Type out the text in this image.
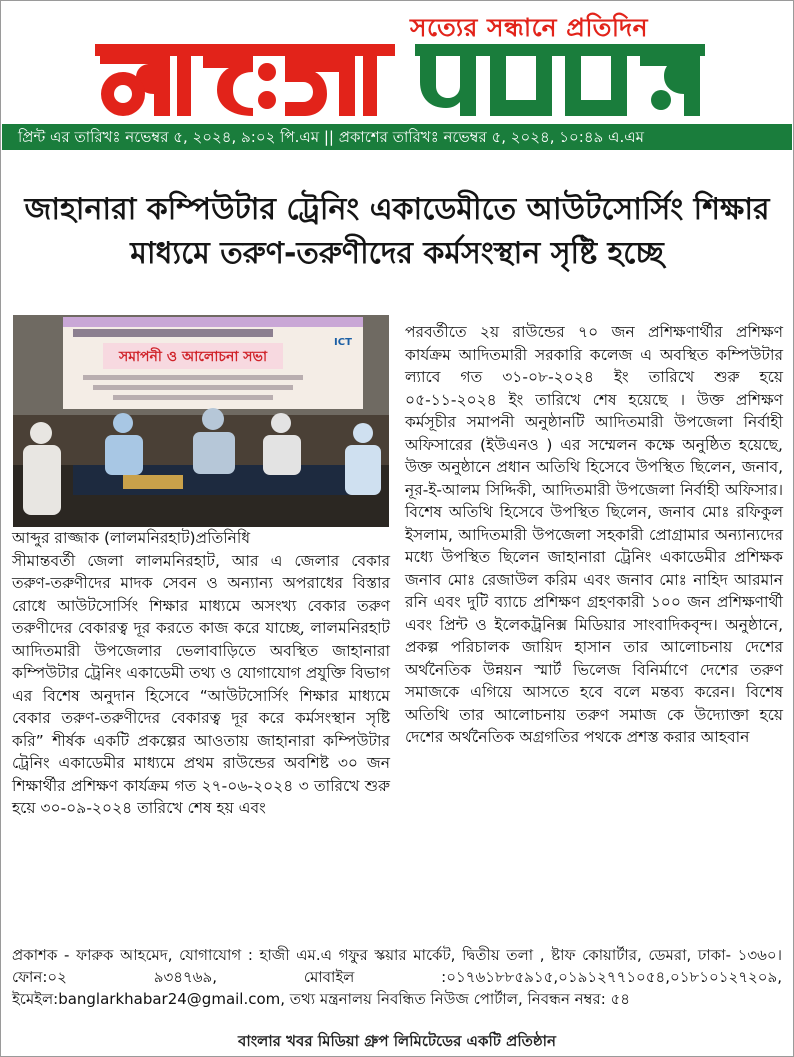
সত্যের সন্ধানে প্রতিদিন
প্রিন্ট এর তারিখঃ নভেম্বর ৫, ২০২৪, ৯:০২ পি.এম || প্রকাশের তারিখঃ নভেম্বর ৫, ২০২৪, ১০:৪৯ এ.এম
জাহানারা কম্পিউটার ট্রেনিং একাডেমীতে আউটসোর্সিং শিক্ষার মাধ্যমে তরুণ-তরুণীদের কর্মসংস্থান সৃষ্টি হচ্ছে
সমাপনী ও আলোচনা সভা
ICT

আব্দুর রাজ্জাক (লালমনিরহাট)প্রতিনিধি

সীমান্তবর্তী জেলা লালমনিরহাট, আর এ জেলার বেকার তরুণ-তরুণীদের মাদক সেবন ও অন্যান্য অপরাধের বিস্তার রোধে আউটসোর্সিং শিক্ষার মাধ্যমে অসংখ্য বেকার তরুণ তরুণীদের বেকারত্ব দূর করতে কাজ করে যাচ্ছে, লালমনিরহাট আদিতমারী উপজেলার ভেলাবাড়িতে অবস্থিত জাহানারা কম্পিউটার ট্রেনিং একাডেমী তথ্য ও যোগাযোগ প্রযুক্তি বিভাগ এর বিশেষ অনুদান হিসেবে “আউটসোর্সিং শিক্ষার মাধ্যমে বেকার তরুণ-তরুণীদের বেকারত্ব দূর করে কর্মসংস্থান সৃষ্টি করি” শীর্ষক একটি প্রকল্পের আওতায় জাহানারা কম্পিউটার ট্রেনিং একাডেমীর মাধ্যমে প্রথম রাউন্ডের অবশিষ্ট ৩০ জন শিক্ষার্থীর প্রশিক্ষণ কার্যক্রম গত ২৭-০৬-২০২৪ ৩ তারিখে শুরু হয়ে ৩০-০৯-২০২৪ তারিখে শেষ হয় এবং

পরবর্তীতে ২য় রাউন্ডের ৭০ জন প্রশিক্ষণার্থীর প্রশিক্ষণ কার্যক্রম আদিতমারী সরকারি কলেজ এ অবস্থিত কম্পিউটার ল্যাবে গত ৩১-০৮-২০২৪ ইং তারিখে শুরু হয়ে ০৫-১১-২০২৪ ইং তারিখে শেষ হয়েছে । উক্ত প্রশিক্ষণ কর্মসূচীর সমাপনী অনুষ্ঠানটি আদিতমারী উপজেলা নির্বাহী অফিসারের (ইউএনও ) এর সম্মেলন কক্ষে অনুষ্ঠিত হয়েছে, উক্ত অনুষ্ঠানে প্রধান অতিথি হিসেবে উপস্থিত ছিলেন, জনাব, নূর-ই-আলম সিদ্দিকী, আদিতমারী উপজেলা নির্বাহী অফিসার। বিশেষ অতিথি হিসেবে উপস্থিত ছিলেন, জনাব মোঃ রফিকুল ইসলাম, আদিতমারী উপজেলা সহকারী প্রোগ্রামার অন্যান্যদের মধ্যে উপস্থিত ছিলেন জাহানারা ট্রেনিং একাডেমীর প্রশিক্ষক জনাব মোঃ রেজাউল করিম এবং জনাব মোঃ নাহিদ আরমান রনি এবং দুটি ব্যাচে প্রশিক্ষণ গ্রহণকারী ১০০ জন প্রশিক্ষণার্থী এবং প্রিন্ট ও ইলেকট্রনিক্স মিডিয়ার সাংবাদিকবৃন্দ। অনুষ্ঠানে, প্রকল্প পরিচালক জায়িদ হাসান তার আলোচনায় দেশের অর্থনৈতিক উন্নয়ন স্মার্ট ভিলেজ বিনির্মাণে দেশের তরুণ সমাজকে এগিয়ে আসতে হবে বলে মন্তব্য করেন। বিশেষ অতিথি তার আলোচনায় তরুণ সমাজ কে উদ্যোক্তা হয়ে দেশের অর্থনৈতিক অগ্রগতির পথকে প্রশস্ত করার আহবান

প্রকাশক - ফারুক আহমেদ, যোগাযোগ : হাজী এম.এ গফুর স্কয়ার মার্কেট, দ্বিতীয় তলা , ষ্টাফ কোয়ার্টার, ডেমরা, ঢাকা- ১৩৬০। ফোন:০২ ৯৩৪৭৬৯, মোবাইল :০১৭৬১৮৮৫৯১৫,০১৯১২৭৭১০৫৪,০১৮১০১২৭২০৯, ইমেইল:banglarkhabar24@gmail.com, তথ্য মন্ত্রনালয় নিবন্ধিত নিউজ পোর্টাল, নিবন্ধন নম্বর: ৫৪
বাংলার খবর মিডিয়া গ্রুপ লিমিটেডের একটি প্রতিষ্ঠান
